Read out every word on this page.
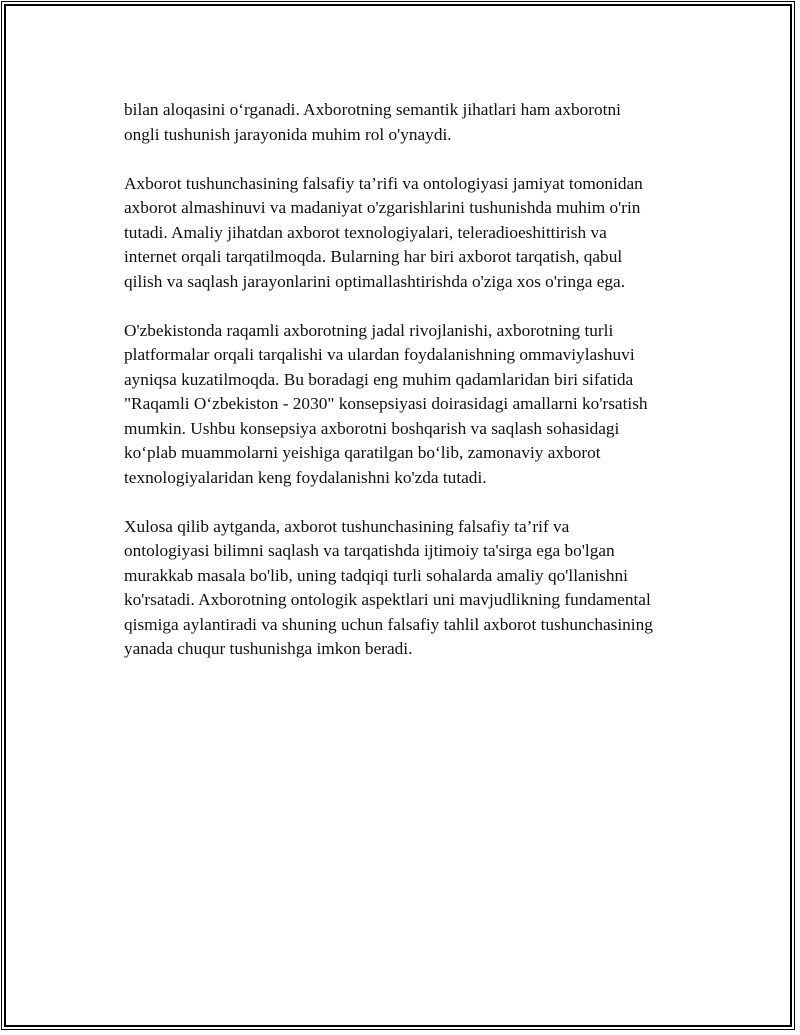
bilan aloqasini o‘rganadi. Axborotning semantik jihatlari ham axborotni
ongli tushunish jarayonida muhim rol o'ynaydi.

Axborot tushunchasining falsafiy ta’rifi va ontologiyasi jamiyat tomonidan
axborot almashinuvi va madaniyat o'zgarishlarini tushunishda muhim o'rin
tutadi. Amaliy jihatdan axborot texnologiyalari, teleradioeshittirish va
internet orqali tarqatilmoqda. Bularning har biri axborot tarqatish, qabul
qilish va saqlash jarayonlarini optimallashtirishda o'ziga xos o'ringa ega.

O'zbekistonda raqamli axborotning jadal rivojlanishi, axborotning turli
platformalar orqali tarqalishi va ulardan foydalanishning ommaviylashuvi
ayniqsa kuzatilmoqda. Bu boradagi eng muhim qadamlaridan biri sifatida
"Raqamli O‘zbekiston - 2030" konsepsiyasi doirasidagi amallarni ko'rsatish
mumkin. Ushbu konsepsiya axborotni boshqarish va saqlash sohasidagi
ko‘plab muammolarni yeishiga qaratilgan bo‘lib, zamonaviy axborot
texnologiyalaridan keng foydalanishni ko'zda tutadi.

Xulosa qilib aytganda, axborot tushunchasining falsafiy ta’rif va
ontologiyasi bilimni saqlash va tarqatishda ijtimoiy ta'sirga ega bo'lgan
murakkab masala bo'lib, uning tadqiqi turli sohalarda amaliy qo'llanishni
ko'rsatadi. Axborotning ontologik aspektlari uni mavjudlikning fundamental
qismiga aylantiradi va shuning uchun falsafiy tahlil axborot tushunchasining
yanada chuqur tushunishga imkon beradi.
